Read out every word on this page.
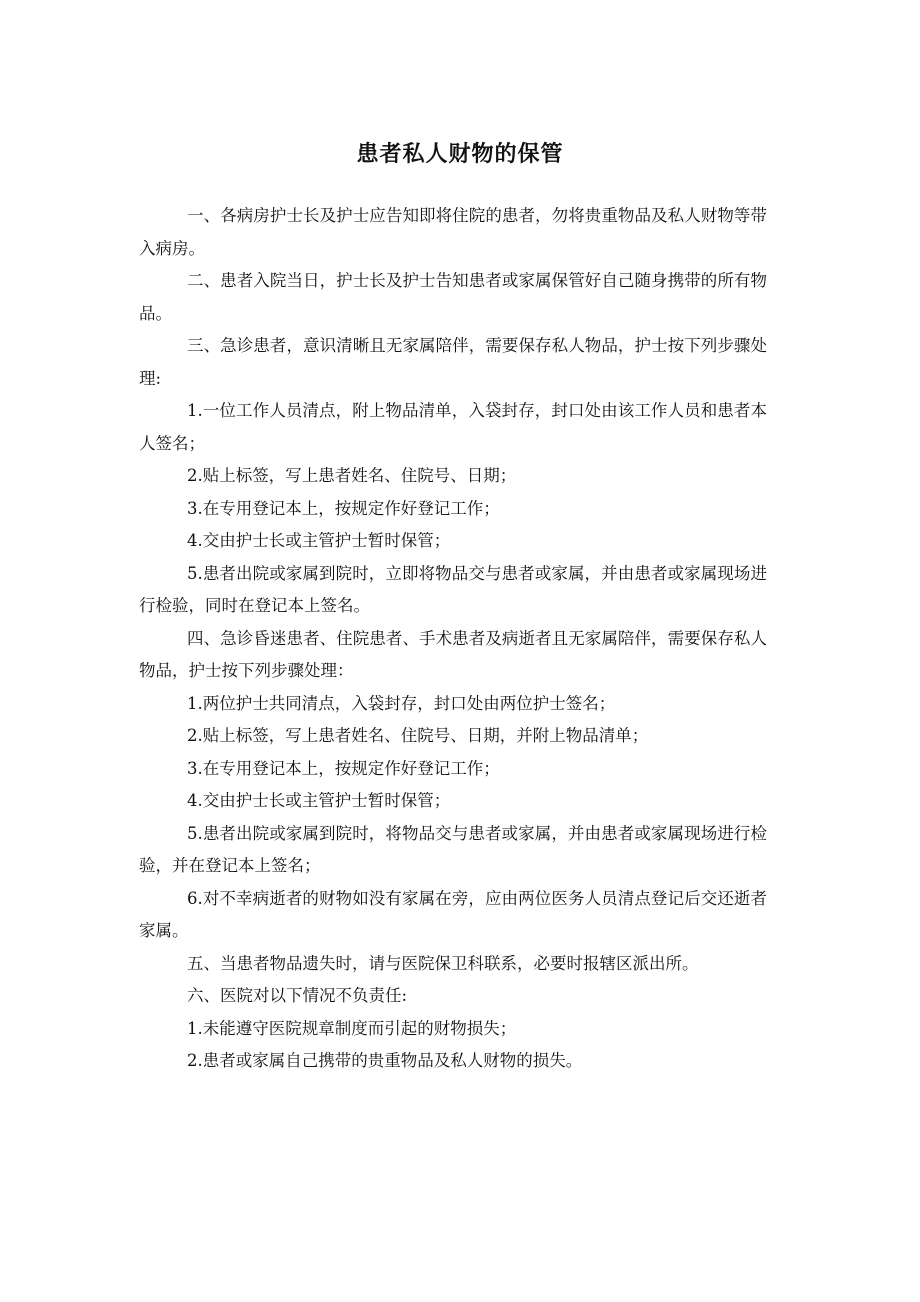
患者私人财物的保管

一、各病房护士长及护士应告知即将住院的患者，勿将贵重物品及私人财物等带入病房。

二、患者入院当日，护士长及护士告知患者或家属保管好自己随身携带的所有物品。

三、急诊患者，意识清晰且无家属陪伴，需要保存私人物品，护士按下列步骤处理:

1.一位工作人员清点，附上物品清单，入袋封存，封口处由该工作人员和患者本人签名；

2.贴上标签，写上患者姓名、住院号、日期；

3.在专用登记本上，按规定作好登记工作；

4.交由护士长或主管护士暂时保管；

5.患者出院或家属到院时，立即将物品交与患者或家属，并由患者或家属现场进行检验，同时在登记本上签名。

四、急诊昏迷患者、住院患者、手术患者及病逝者且无家属陪伴，需要保存私人物品，护士按下列步骤处理：

1.两位护士共同清点，入袋封存，封口处由两位护士签名；

2.贴上标签，写上患者姓名、住院号、日期，并附上物品清单；

3.在专用登记本上，按规定作好登记工作；

4.交由护士长或主管护士暂时保管；

5.患者出院或家属到院时，将物品交与患者或家属，并由患者或家属现场进行检验，并在登记本上签名；

6.对不幸病逝者的财物如没有家属在旁，应由两位医务人员清点登记后交还逝者家属。

五、当患者物品遗失时，请与医院保卫科联系，必要时报辖区派出所。

六、医院对以下情况不负责任:

1.未能遵守医院规章制度而引起的财物损失；

2.患者或家属自己携带的贵重物品及私人财物的损失。
